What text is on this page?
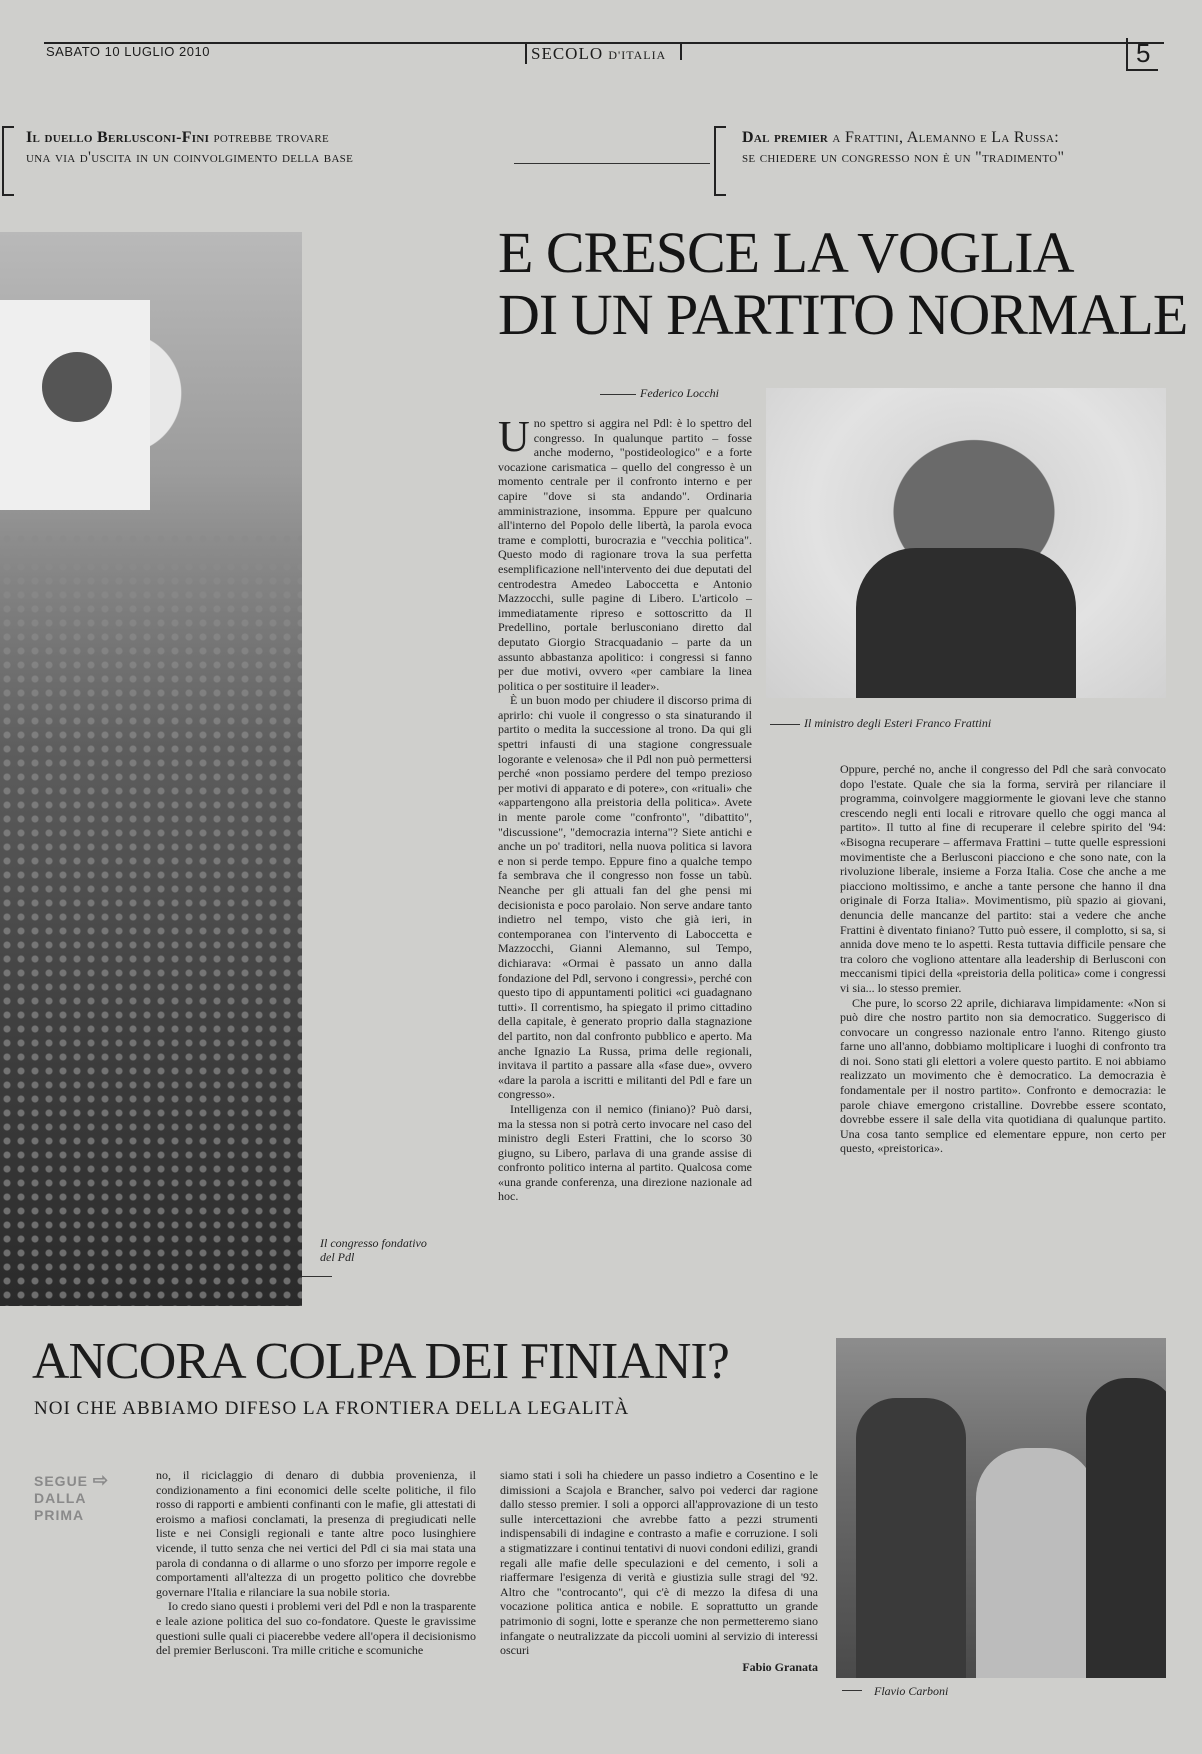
SABATO 10 LUGLIO 2010	SECOLO D'ITALIA	5
Il duello Berlusconi-Fini potrebbe trovare
una via d'uscita in un coinvolgimento della base
Dal premier a Frattini, Alemanno e La Russa:
se chiedere un congresso non è un "tradimento"
E CRESCE LA VOGLIA
DI UN PARTITO NORMALE
Il congresso fondativo
del Pdl
Federico Locchi
Il ministro degli Esteri Franco Frattini

Uno spettro si aggira nel Pdl: è lo spettro del congresso. In qualunque partito – fosse anche moderno, "postideologico" e a forte vocazione carismatica – quello del congresso è un momento centrale per il confronto interno e per capire "dove si sta andando". Ordinaria amministrazione, insomma. Eppure per qualcuno all'interno del Popolo delle libertà, la parola evoca trame e complotti, burocrazia e "vecchia politica". Questo modo di ragionare trova la sua perfetta esemplificazione nell'intervento dei due deputati del centrodestra Amedeo Laboccetta e Antonio Mazzocchi, sulle pagine di Libero. L'articolo – immediatamente ripreso e sottoscritto da Il Predellino, portale berlusconiano diretto dal deputato Giorgio Stracquadanio – parte da un assunto abbastanza apolitico: i congressi si fanno per due motivi, ovvero «per cambiare la linea politica o per sostituire il leader».

È un buon modo per chiudere il discorso prima di aprirlo: chi vuole il congresso o sta sinaturando il partito o medita la successione al trono. Da qui gli spettri infausti di una stagione congressuale logorante e velenosa» che il Pdl non può permettersi perché «non possiamo perdere del tempo prezioso per motivi di apparato e di potere», con «rituali» che «appartengono alla preistoria della politica». Avete in mente parole come "confronto", "dibattito", "discussione", "democrazia interna"? Siete antichi e anche un po' traditori, nella nuova politica si lavora e non si perde tempo. Eppure fino a qualche tempo fa sembrava che il congresso non fosse un tabù. Neanche per gli attuali fan del ghe pensi mi decisionista e poco parolaio. Non serve andare tanto indietro nel tempo, visto che già ieri, in contemporanea con l'intervento di Laboccetta e Mazzocchi, Gianni Alemanno, sul Tempo, dichiarava: «Ormai è passato un anno dalla fondazione del Pdl, servono i congressi», perché con questo tipo di appuntamenti politici «ci guadagnano tutti». Il correntismo, ha spiegato il primo cittadino della capitale, è generato proprio dalla stagnazione del partito, non dal confronto pubblico e aperto. Ma anche Ignazio La Russa, prima delle regionali, invitava il partito a passare alla «fase due», ovvero «dare la parola a iscritti e militanti del Pdl e fare un congresso».

Intelligenza con il nemico (finiano)? Può darsi, ma la stessa non si potrà certo invocare nel caso del ministro degli Esteri Frattini, che lo scorso 30 giugno, su Libero, parlava di una grande assise di confronto politico interna al partito. Qualcosa come «una grande conferenza, una direzione nazionale ad hoc.

Oppure, perché no, anche il congresso del Pdl che sarà convocato dopo l'estate. Quale che sia la forma, servirà per rilanciare il programma, coinvolgere maggiormente le giovani leve che stanno crescendo negli enti locali e ritrovare quello che oggi manca al partito». Il tutto al fine di recuperare il celebre spirito del '94: «Bisogna recuperare – affermava Frattini – tutte quelle espressioni movimentiste che a Berlusconi piacciono e che sono nate, con la rivoluzione liberale, insieme a Forza Italia. Cose che anche a me piacciono moltissimo, e anche a tante persone che hanno il dna originale di Forza Italia». Movimentismo, più spazio ai giovani, denuncia delle mancanze del partito: stai a vedere che anche Frattini è diventato finiano? Tutto può essere, il complotto, si sa, si annida dove meno te lo aspetti. Resta tuttavia difficile pensare che tra coloro che vogliono attentare alla leadership di Berlusconi con meccanismi tipici della «preistoria della politica» come i congressi vi sia... lo stesso premier.

Che pure, lo scorso 22 aprile, dichiarava limpidamente: «Non si può dire che nostro partito non sia democratico. Suggerisco di convocare un congresso nazionale entro l'anno. Ritengo giusto farne uno all'anno, dobbiamo moltiplicare i luoghi di confronto tra di noi. Sono stati gli elettori a volere questo partito. E noi abbiamo realizzato un movimento che è democratico. La democrazia è fondamentale per il nostro partito». Confronto e democrazia: le parole chiave emergono cristalline. Dovrebbe essere scontato, dovrebbe essere il sale della vita quotidiana di qualunque partito. Una cosa tanto semplice ed elementare eppure, non certo per questo, «preistorica».

ANCORA COLPA DEI FINIANI?
NOI CHE ABBIAMO DIFESO LA FRONTIERA DELLA LEGALITÀ
SEGUE ⇨
DALLA
PRIMA

no, il riciclaggio di denaro di dubbia provenienza, il condizionamento a fini economici delle scelte politiche, il filo rosso di rapporti e ambienti confinanti con le mafie, gli attestati di eroismo a mafiosi conclamati, la presenza di pregiudicati nelle liste e nei Consigli regionali e tante altre poco lusinghiere vicende, il tutto senza che nei vertici del Pdl ci sia mai stata una parola di condanna o di allarme o uno sforzo per imporre regole e comportamenti all'altezza di un progetto politico che dovrebbe governare l'Italia e rilanciare la sua nobile storia.

Io credo siano questi i problemi veri del Pdl e non la trasparente e leale azione politica del suo co-fondatore. Queste le gravissime questioni sulle quali ci piacerebbe vedere all'opera il decisionismo del premier Berlusconi. Tra mille critiche e scomuniche

siamo stati i soli ha chiedere un passo indietro a Cosentino e le dimissioni a Scajola e Brancher, salvo poi vederci dar ragione dallo stesso premier. I soli a opporci all'approvazione di un testo sulle intercettazioni che avrebbe fatto a pezzi strumenti indispensabili di indagine e contrasto a mafie e corruzione. I soli a stigmatizzare i continui tentativi di nuovi condoni edilizi, grandi regali alle mafie delle speculazioni e del cemento, i soli a riaffermare l'esigenza di verità e giustizia sulle stragi del '92. Altro che "controcanto", qui c'è di mezzo la difesa di una vocazione politica antica e nobile. E soprattutto un grande patrimonio di sogni, lotte e speranze che non permetteremo siano infangate o neutralizzate da piccoli uomini al servizio di interessi oscuri

Fabio Granata
Flavio Carboni
